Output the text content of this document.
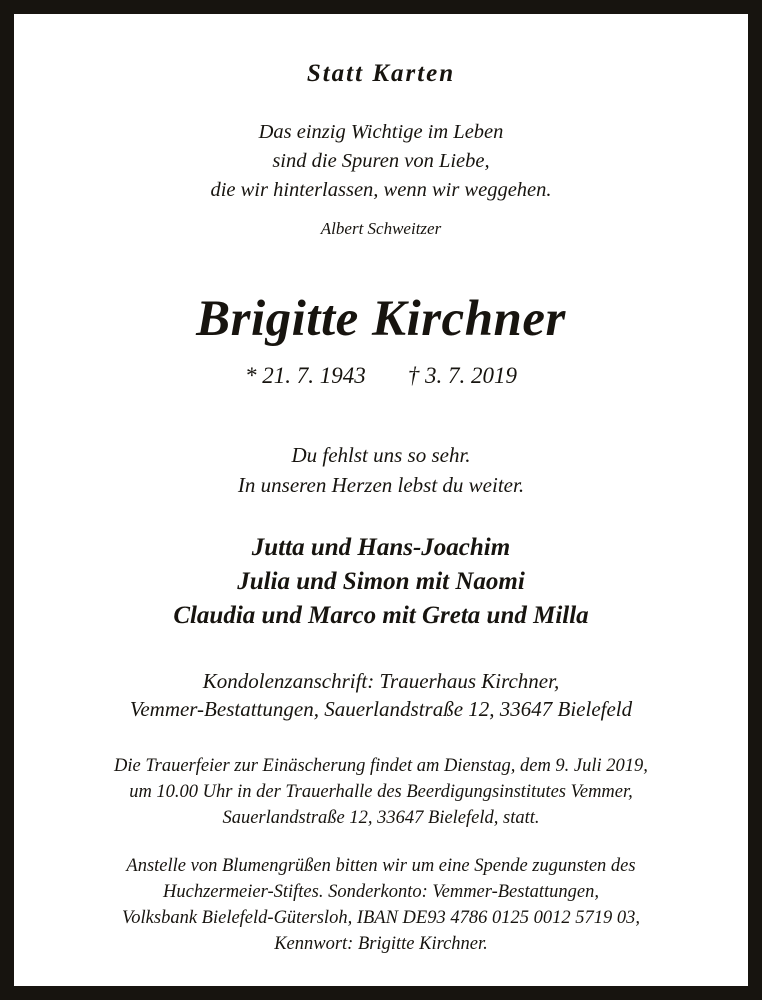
Statt Karten
Das einzig Wichtige im Leben
sind die Spuren von Liebe,
die wir hinterlassen, wenn wir weggehen.
Albert Schweitzer
Brigitte Kirchner
* 21. 7. 1943 † 3. 7. 2019
Du fehlst uns so sehr.
In unseren Herzen lebst du weiter.
Jutta und Hans-Joachim
Julia und Simon mit Naomi
Claudia und Marco mit Greta und Milla
Kondolenzanschrift: Trauerhaus Kirchner,
Vemmer-Bestattungen, Sauerlandstraße 12, 33647 Bielefeld
Die Trauerfeier zur Einäscherung findet am Dienstag, dem 9. Juli 2019,
um 10.00 Uhr in der Trauerhalle des Beerdigungsinstitutes Vemmer,
Sauerlandstraße 12, 33647 Bielefeld, statt.
Anstelle von Blumengrüßen bitten wir um eine Spende zugunsten des
Huchzermeier-Stiftes. Sonderkonto: Vemmer-Bestattungen,
Volksbank Bielefeld-Gütersloh, IBAN DE93 4786 0125 0012 5719 03,
Kennwort: Brigitte Kirchner.
